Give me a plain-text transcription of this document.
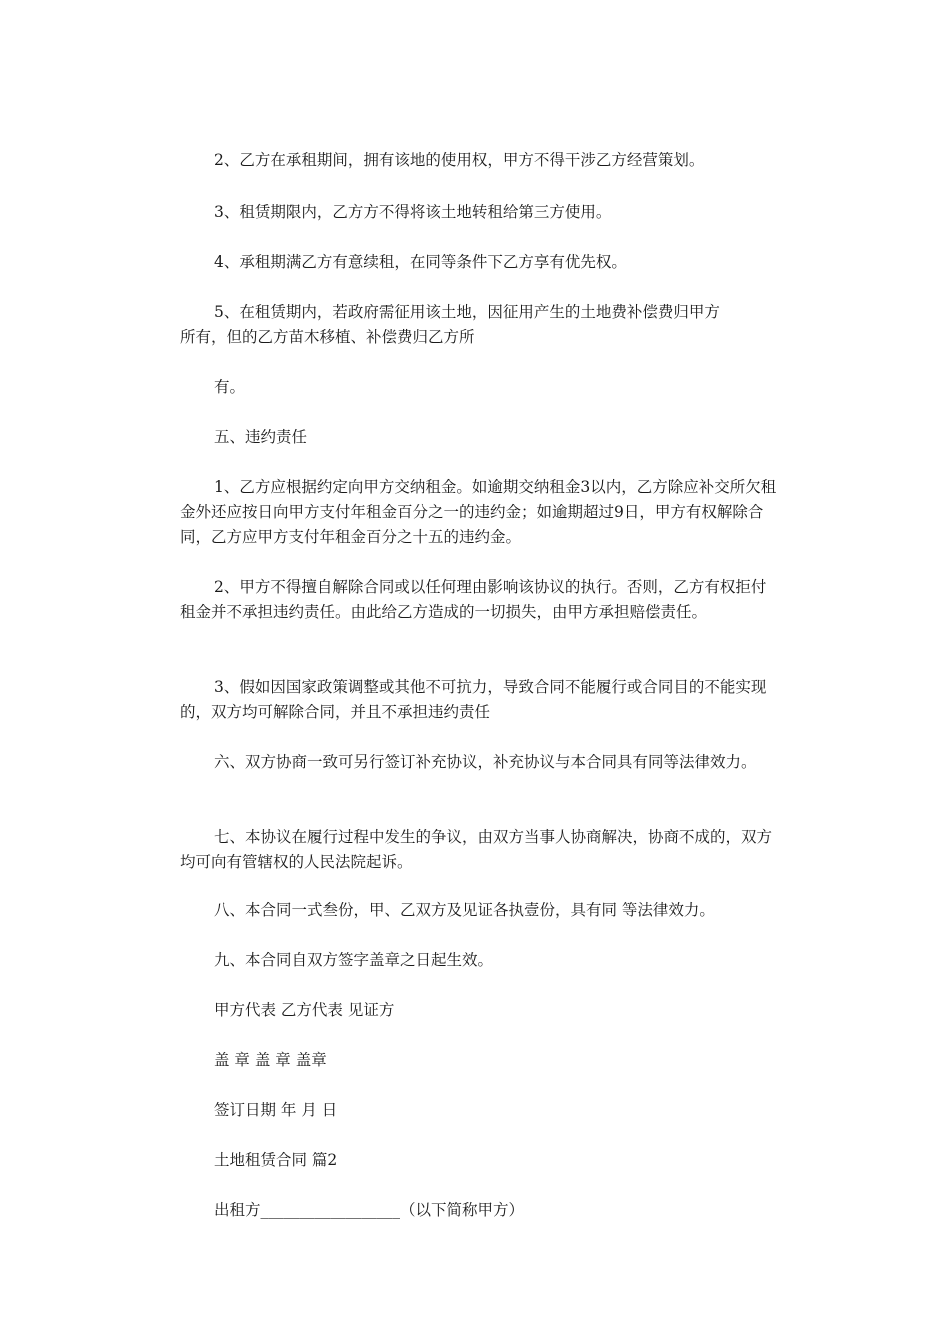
2、乙方在承租期间，拥有该地的使用权，甲方不得干涉乙方经营策划。

3、租赁期限内，乙方方不得将该土地转租给第三方使用。

4、承租期满乙方有意续租，在同等条件下乙方享有优先权。

5、在租赁期内，若政府需征用该土地，因征用产生的土地费补偿费归甲方

所有，但的乙方苗木移植、补偿费归乙方所

有。

五、违约责任

1、乙方应根据约定向甲方交纳租金。如逾期交纳租金3以内，乙方除应补交所欠租金外还应按日向甲方支付年租金百分之一的违约金；如逾期超过9日，甲方有权解除合同，乙方应甲方支付年租金百分之十五的违约金。

2、甲方不得擅自解除合同或以任何理由影响该协议的执行。否则，乙方有权拒付租金并不承担违约责任。由此给乙方造成的一切损失，由甲方承担赔偿责任。

3、假如因国家政策调整或其他不可抗力，导致合同不能履行或合同目的不能实现的，双方均可解除合同，并且不承担违约责任

六、双方协商一致可另行签订补充协议，补充协议与本合同具有同等法律效力。

七、本协议在履行过程中发生的争议，由双方当事人协商解决，协商不成的，双方均可向有管辖权的人民法院起诉。

八、本合同一式叁份，甲、乙双方及见证各执壹份，具有同 等法律效力。

九、本合同自双方签字盖章之日起生效。

甲方代表 乙方代表 见证方

盖 章 盖 章 盖章

签订日期 年 月 日

土地租赁合同 篇2

出租方__________________（以下简称甲方）
